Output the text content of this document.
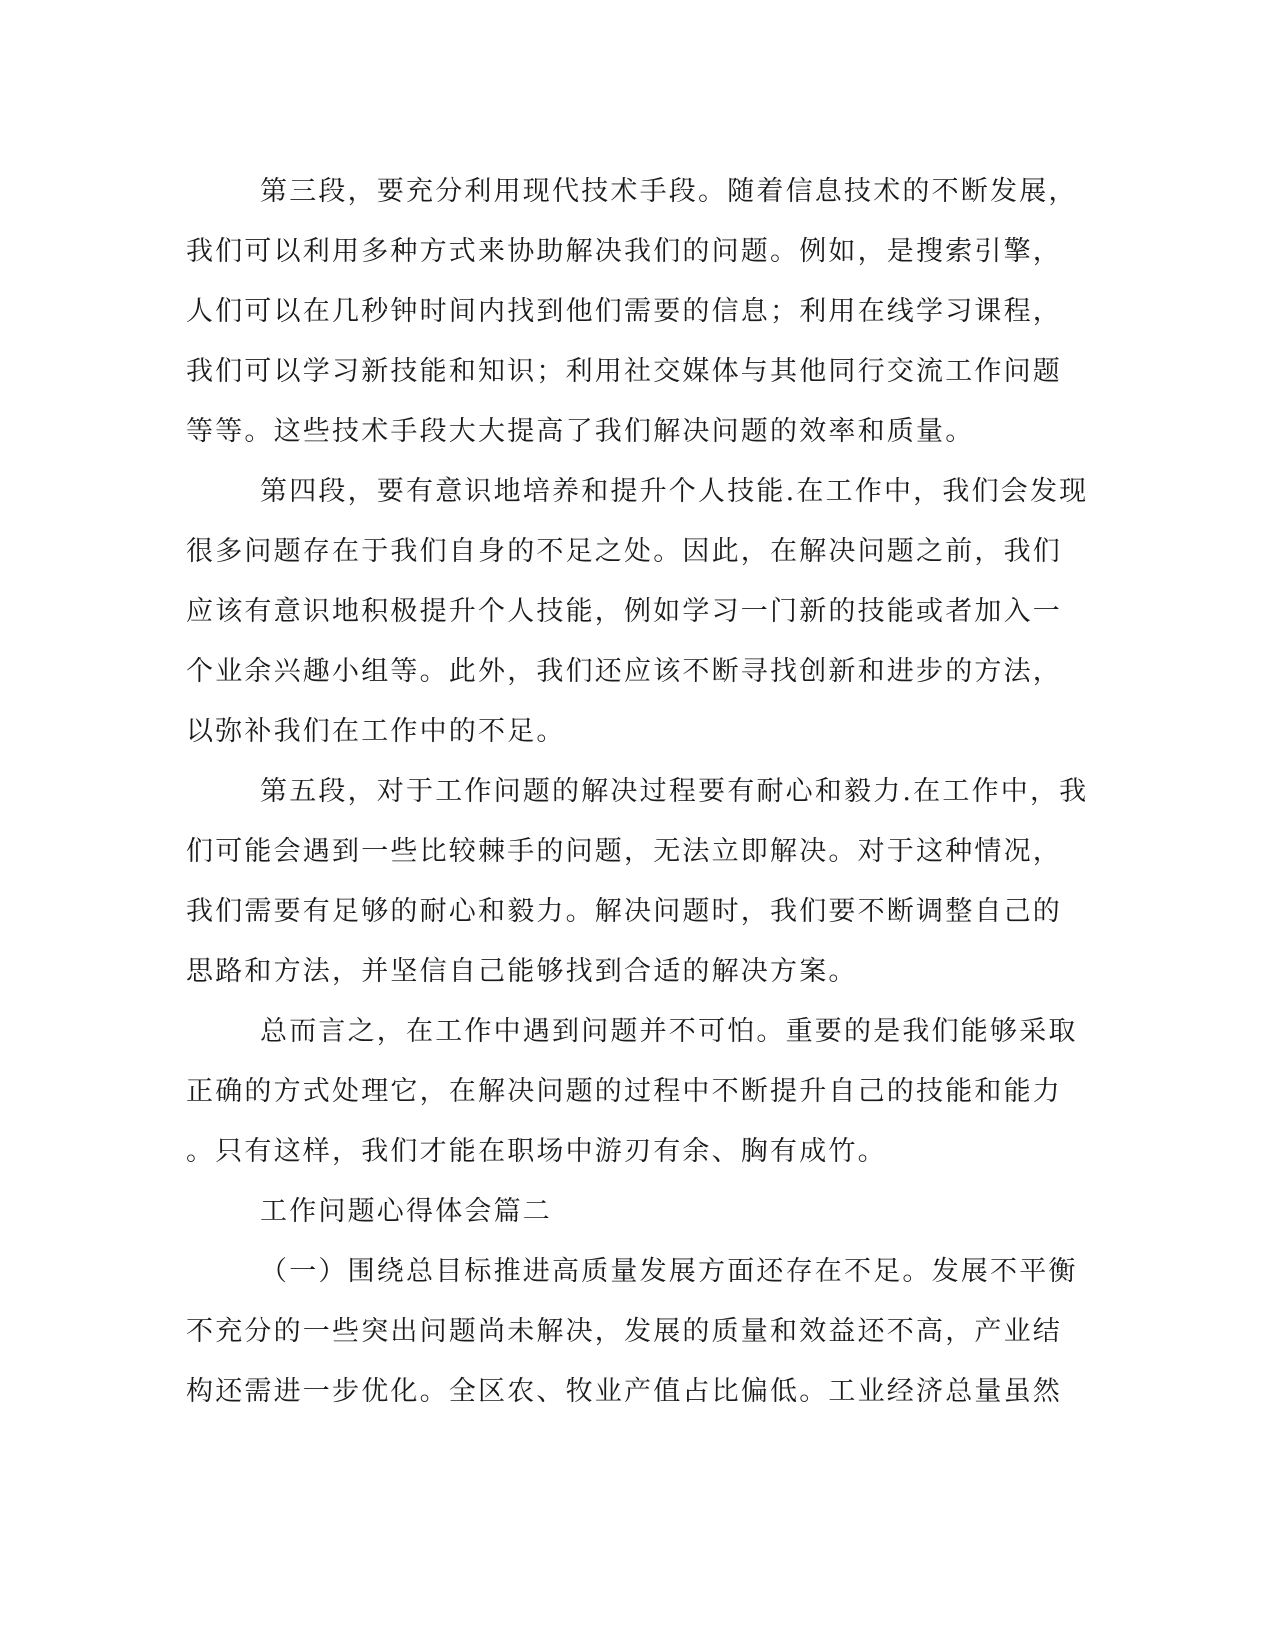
第三段，要充分利用现代技术手段。随着信息技术的不断发展，
我们可以利用多种方式来协助解决我们的问题。例如，是搜索引擎，
人们可以在几秒钟时间内找到他们需要的信息；利用在线学习课程，
我们可以学习新技能和知识；利用社交媒体与其他同行交流工作问题
等等。这些技术手段大大提高了我们解决问题的效率和质量。
第四段，要有意识地培养和提升个人技能.在工作中，我们会发现
很多问题存在于我们自身的不足之处。因此，在解决问题之前，我们
应该有意识地积极提升个人技能，例如学习一门新的技能或者加入一
个业余兴趣小组等。此外，我们还应该不断寻找创新和进步的方法，
以弥补我们在工作中的不足。
第五段，对于工作问题的解决过程要有耐心和毅力.在工作中，我
们可能会遇到一些比较棘手的问题，无法立即解决。对于这种情况，
我们需要有足够的耐心和毅力。解决问题时，我们要不断调整自己的
思路和方法，并坚信自己能够找到合适的解决方案。
总而言之，在工作中遇到问题并不可怕。重要的是我们能够采取
正确的方式处理它，在解决问题的过程中不断提升自己的技能和能力
。只有这样，我们才能在职场中游刃有余、胸有成竹。
工作问题心得体会篇二
（一）围绕总目标推进高质量发展方面还存在不足。发展不平衡
不充分的一些突出问题尚未解决，发展的质量和效益还不高，产业结
构还需进一步优化。全区农、牧业产值占比偏低。工业经济总量虽然
